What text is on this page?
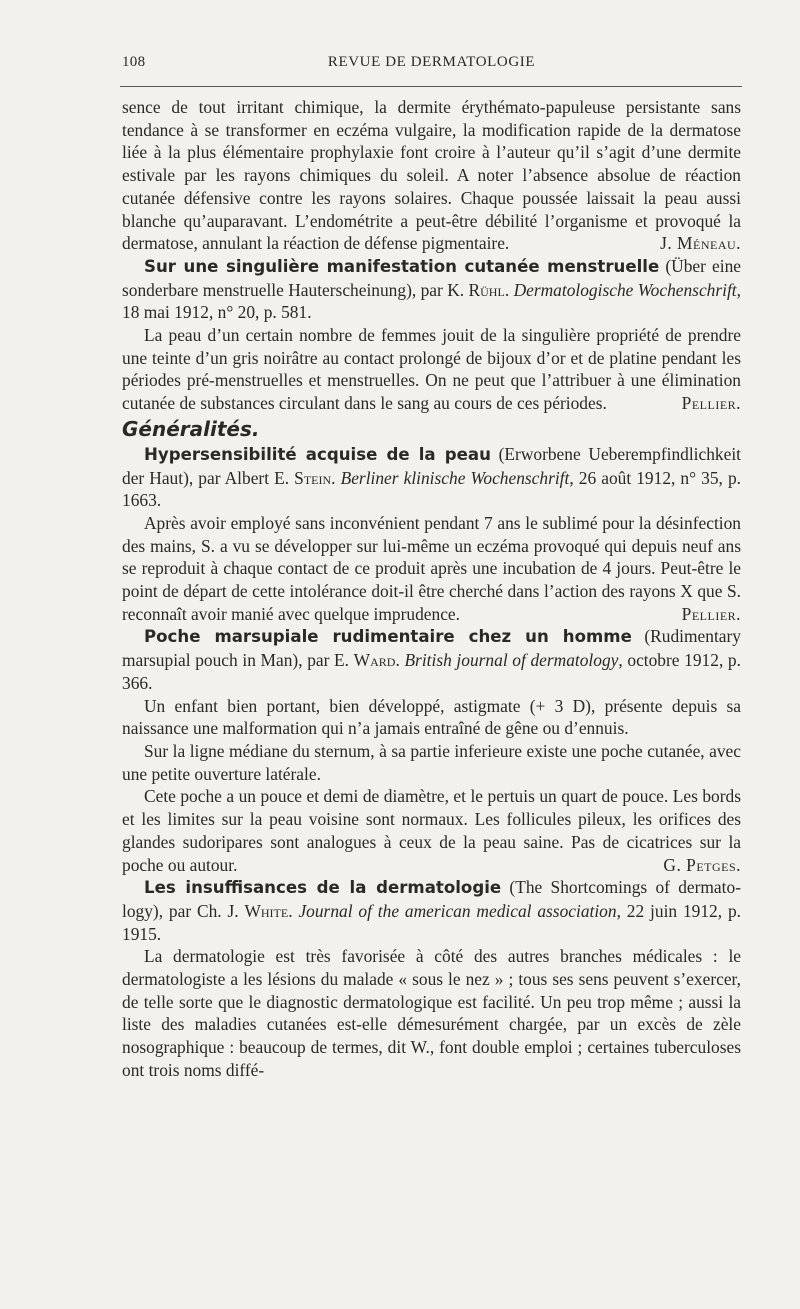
108	REVUE DE DERMATOLOGIE

sence de tout irritant chimique, la dermite érythémato-papuleuse persistante sans tendance à se transformer en eczéma vulgaire, la modification rapide de la dermatose liée à la plus élémentaire prophylaxie font croire à l’auteur qu’il s’agit d’une dermite estivale par les rayons chimiques du soleil. A noter l’absence absolue de réaction cutanée défensive contre les rayons solaires. Chaque poussée laissait la peau aussi blanche qu’auparavant. L’endométrite a peut-être débilité l’organisme et provoqué la dermatose, annulant la réaction de défense pigmentaire.	J. Méneau.

Sur une singulière manifestation cutanée menstruelle (Über eine sonderbare menstruelle Hauterscheinung), par K. Rühl. Dermatologische Wochenschrift, 18 mai 1912, n° 20, p. 581.

La peau d’un certain nombre de femmes jouit de la singulière propriété de prendre une teinte d’un gris noirâtre au contact prolongé de bijoux d’or et de platine pendant les périodes pré-menstruelles et menstruelles. On ne peut que l’attribuer à une élimination cutanée de substances circulant dans le sang au cours de ces périodes.	Pellier.

Généralités.

Hypersensibilité acquise de la peau (Erworbene Ueberempfindlichkeit der Haut), par Albert E. Stein. Berliner klinische Wochenschrift, 26 août 1912, n° 35, p. 1663.

Après avoir employé sans inconvénient pendant 7 ans le sublimé pour la désinfection des mains, S. a vu se développer sur lui-même un eczéma provoqué qui depuis neuf ans se reproduit à chaque contact de ce produit après une incubation de 4 jours. Peut-être le point de départ de cette intolérance doit-il être cherché dans l’action des rayons X que S. reconnaît avoir manié avec quelque imprudence.	Pellier.

Poche marsupiale rudimentaire chez un homme (Rudimentary marsupial pouch in Man), par E. Ward. British journal of dermatology, octobre 1912, p. 366.

Un enfant bien portant, bien développé, astigmate (+ 3 D), présente depuis sa naissance une malformation qui n’a jamais entraîné de gêne ou d’ennuis.

Sur la ligne médiane du sternum, à sa partie inferieure existe une poche cutanée, avec une petite ouverture latérale.

Cete poche a un pouce et demi de diamètre, et le pertuis un quart de pouce. Les bords et les limites sur la peau voisine sont normaux. Les follicules pileux, les orifices des glandes sudoripares sont analogues à ceux de la peau saine. Pas de cicatrices sur la poche ou autour.	G. Petges.

Les insuffisances de la dermatologie (The Shortcomings of dermatology), par Ch. J. White. Journal of the american medical association, 22 juin 1912, p. 1915.

La dermatologie est très favorisée à côté des autres branches médicales : le dermatologiste a les lésions du malade « sous le nez » ; tous ses sens peuvent s’exercer, de telle sorte que le diagnostic dermatologique est facilité. Un peu trop même ; aussi la liste des maladies cutanées est-elle démesurément chargée, par un excès de zèle nosographique : beaucoup de termes, dit W., font double emploi ; certaines tuberculoses ont trois noms diffé-
